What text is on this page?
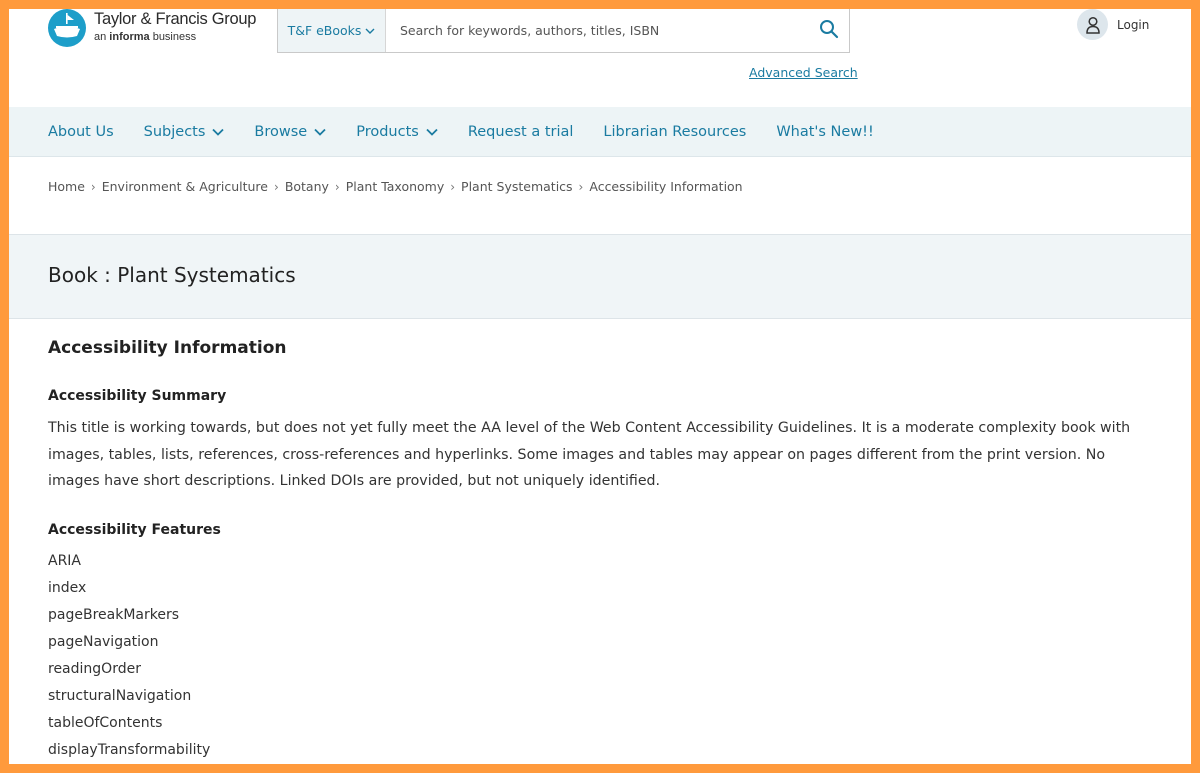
Taylor & Francis Group
an informa business	T&F eBooks
Search for keywords, authors, titles, ISBN
Advanced Search
Login
About Us Subjects	Browse	Products	Request a trial Librarian Resources What's New!!
Home › Environment & Agriculture › Botany › Plant Taxonomy › Plant Systematics › Accessibility Information
Book : Plant Systematics
Accessibility Information
Accessibility Summary

This title is working towards, but does not yet fully meet the AA level of the Web Content Accessibility Guidelines. It is a moderate complexity book with images, tables, lists, references, cross-references and hyperlinks. Some images and tables may appear on pages different from the print version. No images have short descriptions. Linked DOIs are provided, but not uniquely identified.

Accessibility Features
ARIA
index
pageBreakMarkers
pageNavigation
readingOrder
structuralNavigation
tableOfContents
displayTransformability
